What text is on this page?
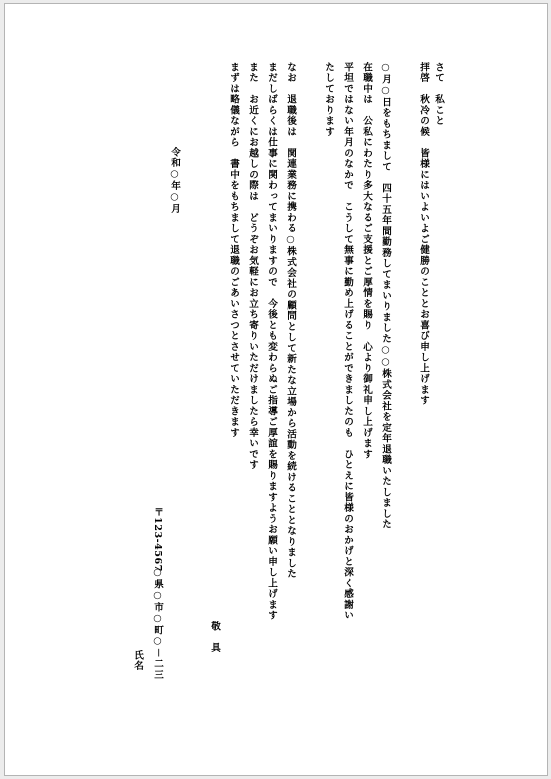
さて　私こと
拝啓　秋冷の候　皆様にはいよいよご健勝のこととお喜び申し上げます
○月○日をもちまして　四十五年間勤務してまいりました○○株式会社を定年退職いたしました
在職中は　公私にわたり多大なるご支援とご厚情を賜り　心より御礼申し上げます
平坦ではない年月のなかで　こうして無事に勤め上げることができましたのも　ひとえに皆様のおかげと深く感謝い
たしております
なお　退職後は　関連業務に携わる○株式会社の顧問として新たな立場から活動を続けることとなりました
まだしばらくは仕事に関わってまいりますので　今後とも変わらぬご指導ご厚誼を賜りますようお願い申し上げます
また　お近くにお越しの際は　どうぞお気軽にお立ち寄りいただけましたら幸いです
まずは略儀ながら　書中をもちまして退職のごあいさつとさせていただきます
敬　具
令和○年○月
〒123-4567
○県○市○町○－二三
氏名
